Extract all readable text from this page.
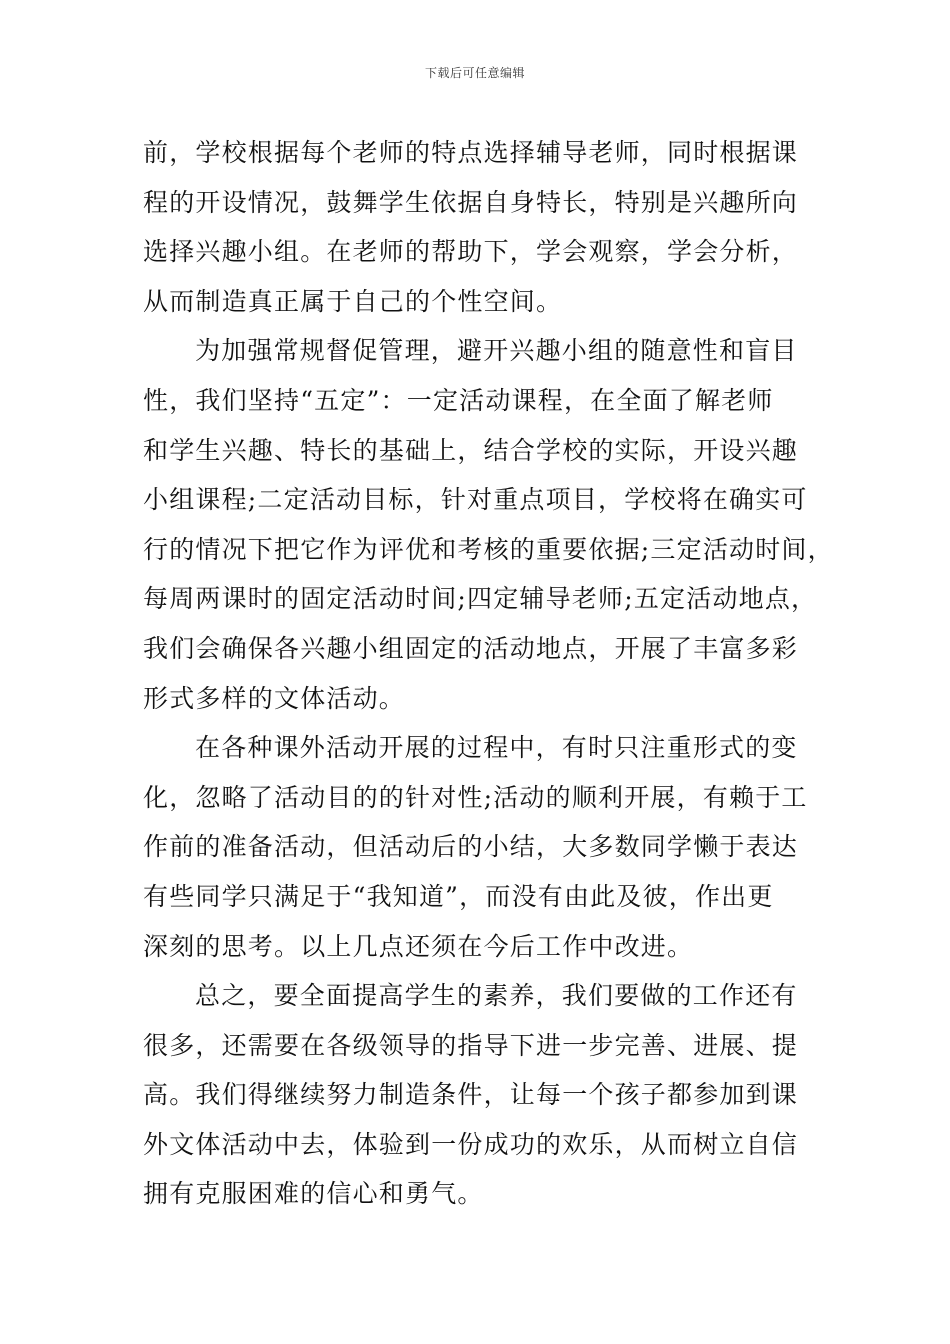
下载后可任意编辑
前，学校根据每个老师的特点选择辅导老师，同时根据课
程的开设情况，鼓舞学生依据自身特长，特别是兴趣所向
选择兴趣小组。在老师的帮助下，学会观察，学会分析，
从而制造真正属于自己的个性空间。
为加强常规督促管理，避开兴趣小组的随意性和盲目
性，我们坚持“五定”：一定活动课程，在全面了解老师
和学生兴趣、特长的基础上，结合学校的实际，开设兴趣
小组课程;二定活动目标，针对重点项目，学校将在确实可
行的情况下把它作为评优和考核的重要依据;三定活动时间，
每周两课时的固定活动时间;四定辅导老师;五定活动地点，
我们会确保各兴趣小组固定的活动地点，开展了丰富多彩
形式多样的文体活动。
在各种课外活动开展的过程中，有时只注重形式的变
化，忽略了活动目的的针对性;活动的顺利开展，有赖于工
作前的准备活动，但活动后的小结，大多数同学懒于表达
有些同学只满足于“我知道”，而没有由此及彼，作出更
深刻的思考。以上几点还须在今后工作中改进。
总之，要全面提高学生的素养，我们要做的工作还有
很多，还需要在各级领导的指导下进一步完善、进展、提
高。我们得继续努力制造条件，让每一个孩子都参加到课
外文体活动中去，体验到一份成功的欢乐，从而树立自信
拥有克服困难的信心和勇气。
